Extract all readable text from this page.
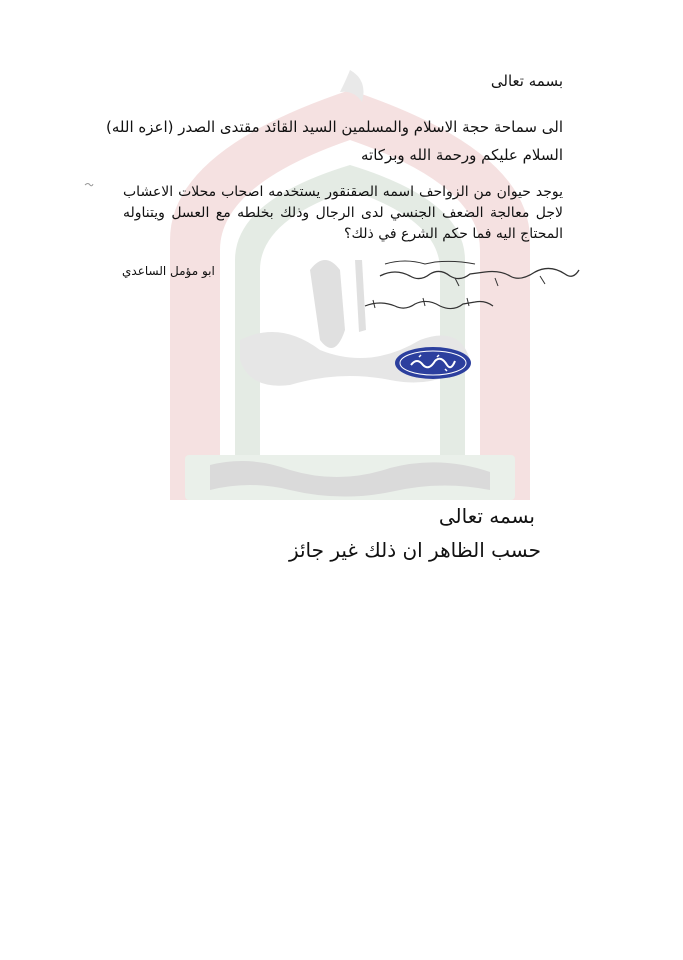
بسمه تعالى
الى سماحة حجة الاسلام والمسلمين السيد القائد مقتدى الصدر (اعزه الله)
السلام عليكم ورحمة الله وبركاته
يوجد حيوان من الزواحف اسمه الصقنقور يستخدمه اصحاب محلات الاعشاب لاجل معالجة الضعف الجنسي لدى الرجال وذلك بخلطه مع العسل ويتناوله المحتاج اليه فما حكم الشرع في ذلك؟
ابو مؤمل الساعدي
بسمه تعالى
حسب الظاهر ان ذلك غير جائز
